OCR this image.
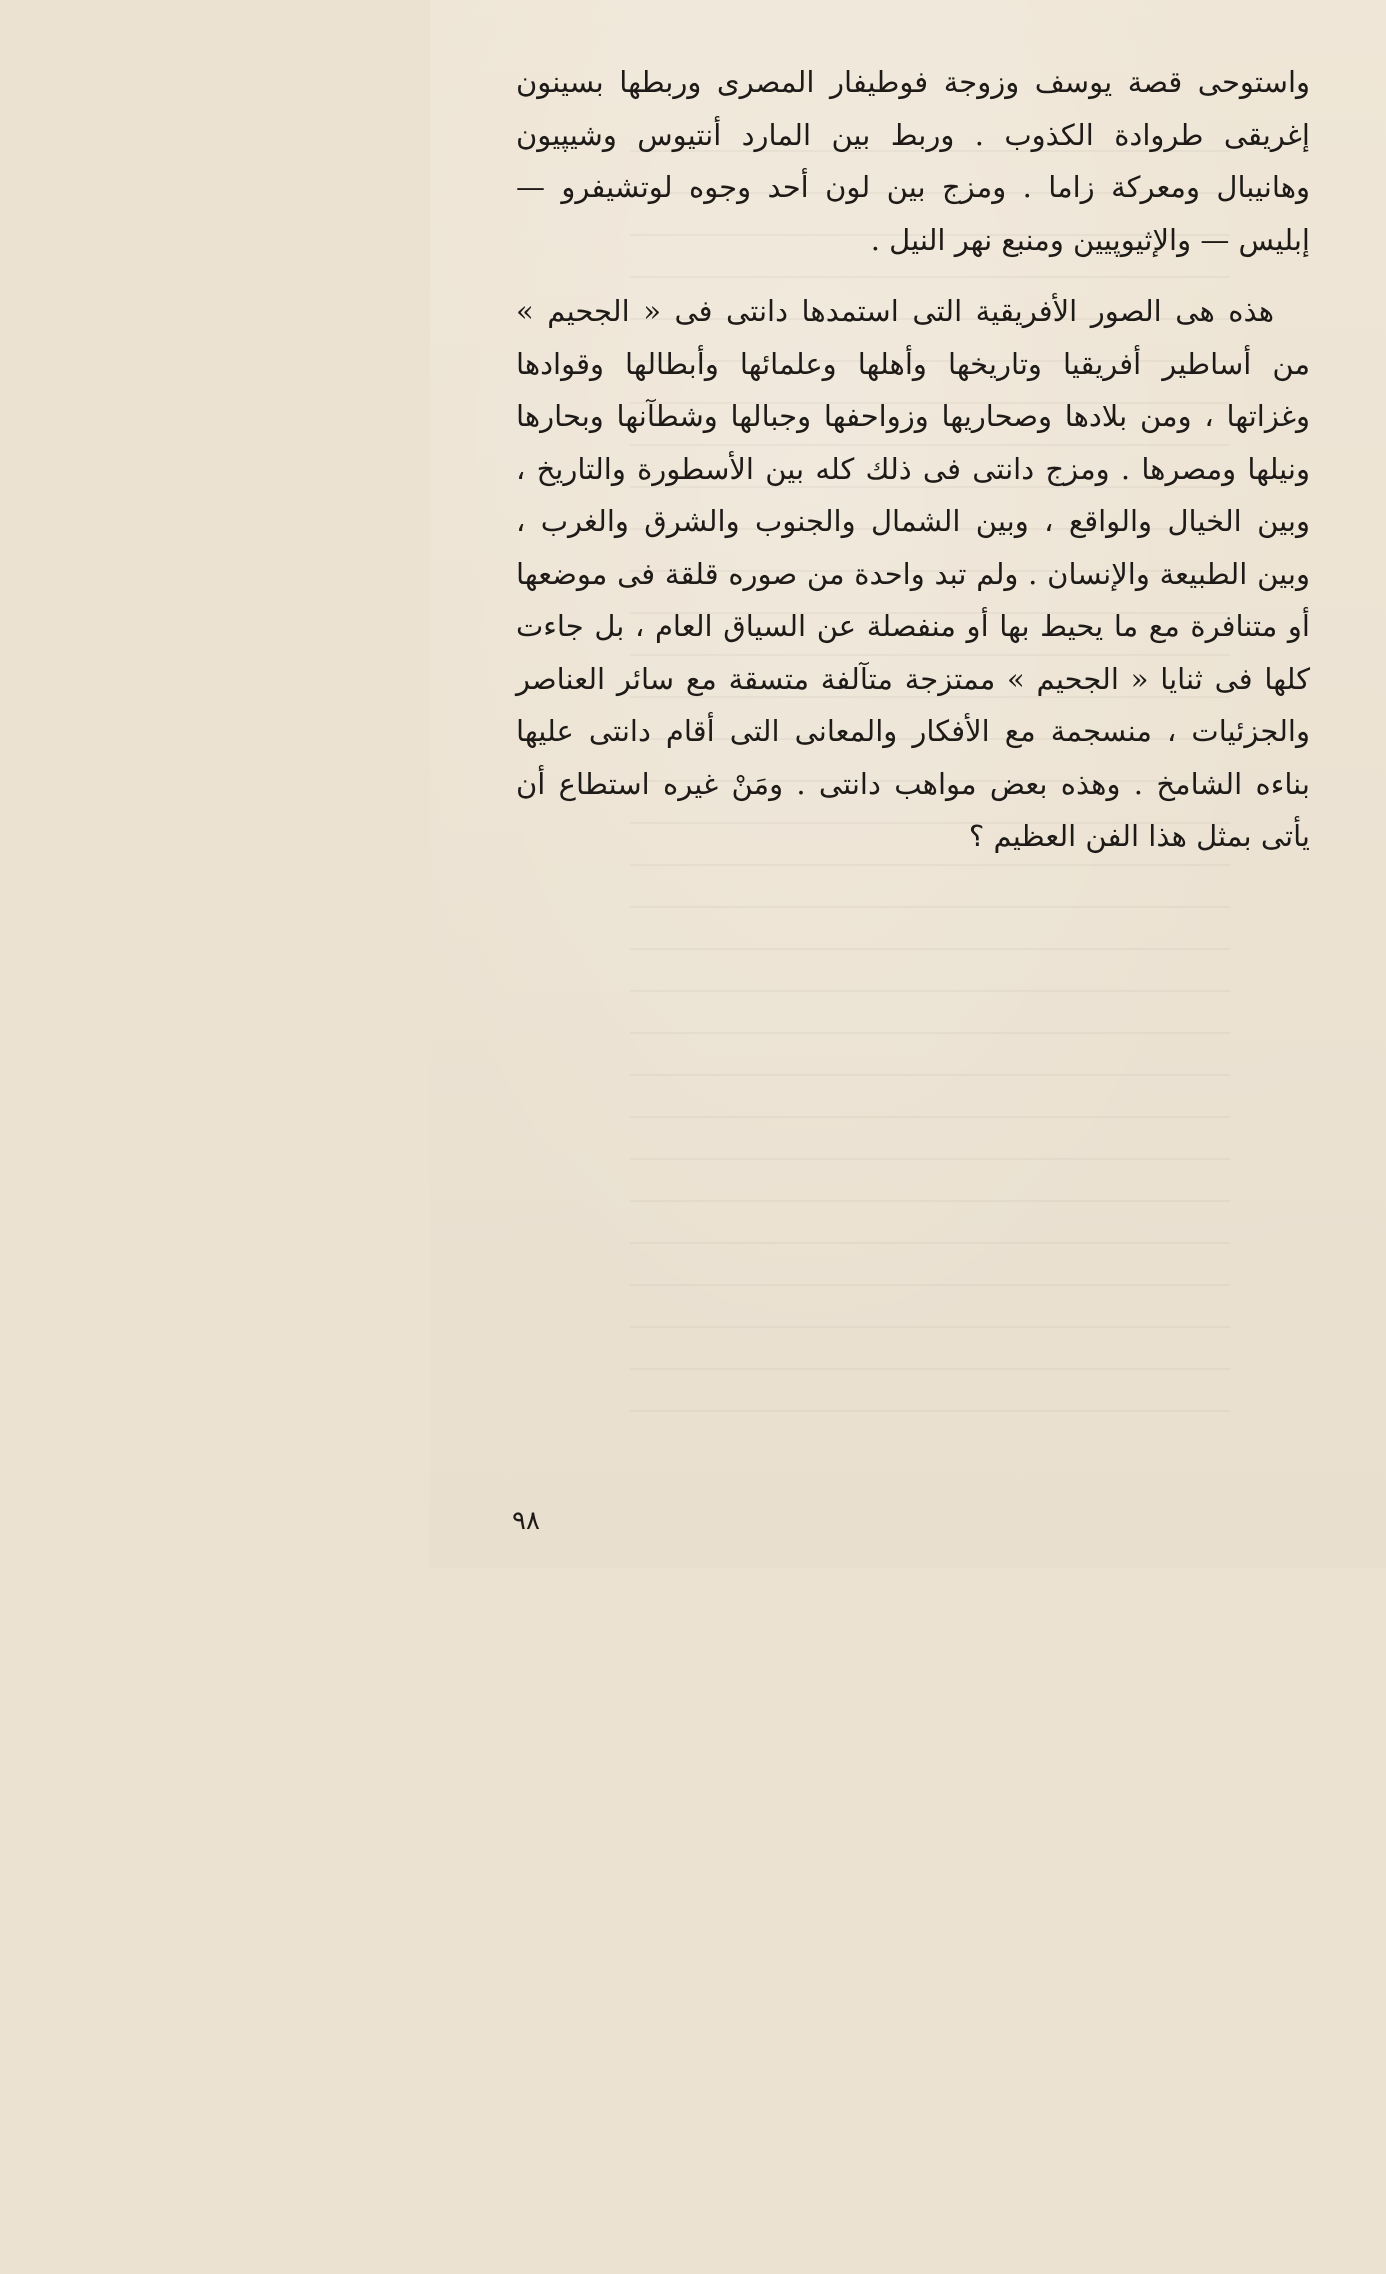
واستوحى قصة يوسف وزوجة فوطيفار المصرى وربطها بسينون إغريقى طروادة الكذوب . وربط بين المارد أنتيوس وشيپيون وهانيبال ومعركة زاما . ومزج بين لون أحد وجوه لوتشيفرو — إبليس — والإثيوپيين ومنبع نهر النيل .

هذه هى الصور الأفريقية التى استمدها دانتى فى « الجحيم » من أساطير أفريقيا وتاريخها وأهلها وعلمائها وأبطالها وقوادها وغزاتها ، ومن بلادها وصحاريها وزواحفها وجبالها وشطآنها وبحارها ونيلها ومصرها . ومزج دانتى فى ذلك كله بين الأسطورة والتاريخ ، وبين الخيال والواقع ، وبين الشمال والجنوب والشرق والغرب ، وبين الطبيعة والإنسان . ولم تبد واحدة من صوره قلقة فى موضعها أو متنافرة مع ما يحيط بها أو منفصلة عن السياق العام ، بل جاءت كلها فى ثنايا « الجحيم » ممتزجة متآلفة متسقة مع سائر العناصر والجزئيات ، منسجمة مع الأفكار والمعانى التى أقام دانتى عليها بناءه الشامخ . وهذه بعض مواهب دانتى . ومَنْ غيره استطاع أن يأتى بمثل هذا الفن العظيم ؟

٩٨
